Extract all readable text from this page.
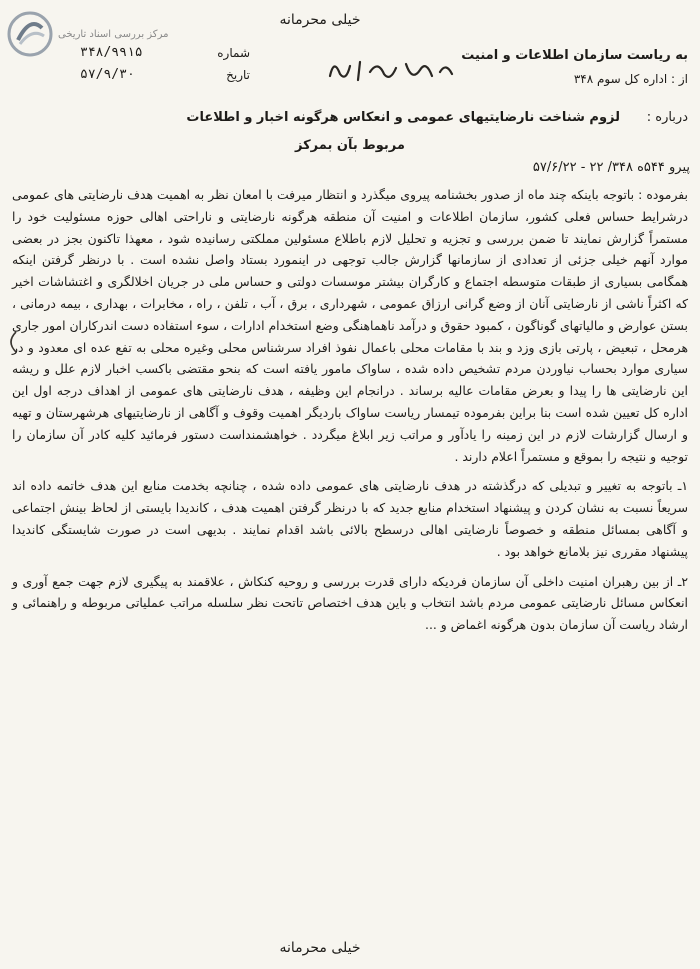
مرکز بررسی اسناد تاریخی
خیلی محرمانه
شماره
۳۴۸/۹۹۱۵
تاریخ
۵۷/۹/۳۰
به ریاست سازمان اطلاعات و امنیت
از : اداره کل سوم ۳۴۸
درباره :
لزوم شناخت نارضایتیهای عمومی و انعکاس هرگونه اخبار و اطلاعات
مربوط بآن بمرکز
پیرو ۵۴۴ه ۳۴۸/ ۲۲ - ۵۷/۶/۲۲

بفرموده : باتوجه باینکه چند ماه از صدور بخشنامه پیروی میگذرد و انتظار میرفت با امعان نظر به اهمیت هدف نارضایتی های عمومی درشرایط حساس فعلی کشور، سازمان اطلاعات و امنیت آن منطقه هرگونه نارضایتی و ناراحتی اهالی حوزه مسئولیت خود را مستمراً گزارش نمایند تا ضمن بررسی و تجزیه و تحلیل لازم باطلاع مسئولین مملکتی رسانیده شود ، معهذا تاکنون بجز در بعضی موارد آنهم خیلی جزئی از تعدادی از سازمانها گزارش جالب توجهی در اینمورد بستاد واصل نشده است . با درنظر گرفتن اینکه همگامی بسیاری از طبقات متوسطه اجتماع و کارگران بیشتر موسسات دولتی و حساس ملی در جریان اخلالگری و اغتشاشات اخیر که اکثراً ناشی از نارضایتی آنان از وضع گرانی ارزاق عمومی ، شهرداری ، برق ، آب ، تلفن ، راه ، مخابرات ، بهداری ، بیمه درمانی ، بستن عوارض و مالیاتهای گوناگون ، کمبود حقوق و درآمد ناهماهنگی وضع استخدام ادارات ، سوء استفاده دست اندرکاران امور جاری هرمحل ، تبعیض ، پارتی بازی وزد و بند با مقامات محلی باعمال نفوذ افراد سرشناس محلی وغیره محلی به تفع عده ای معدود و در سیاری موارد بحساب نیاوردن مردم تشخیص داده شده ، ساواک مامور یافته است که بنحو مقتضی باکسب اخبار لازم علل و ریشه این نارضایتی ها را پیدا و بعرض مقامات عالیه برساند . درانجام این وظیفه ، هدف نارضایتی های عمومی از اهداف درجه اول این اداره کل تعیین شده است بنا براین بفرموده تیمسار ریاست ساواک باردیگر اهمیت وقوف و آگاهی از نارضایتیهای هرشهرستان و تهیه و ارسال گزارشات لازم در این زمینه را یادآور و مراتب زیر ابلاغ میگردد . خواهشمنداست دستور فرمائید کلیه کادر آن سازمان را توجیه و نتیجه را بموقع و مستمراً اعلام دارند .

۱ـ باتوجه به تغییر و تبدیلی که درگذشته در هدف نارضایتی های عمومی داده شده ، چنانچه بخدمت منابع این هدف خاتمه داده اند سریعاً نسبت به نشان کردن و پیشنهاد استخدام منابع جدید که با درنظر گرفتن اهمیت هدف ، کاندیدا بایستی از لحاظ بینش اجتماعی و آگاهی بمسائل منطقه و خصوصاً نارضایتی اهالی درسطح بالائی باشد اقدام نمایند . بدیهی است در صورت شایستگی کاندیدا پیشنهاد مقرری نیز بلامانع خواهد بود .

۲ـ از بین رهبران امنیت داخلی آن سازمان فردیکه دارای قدرت بررسی و روحیه کنکاش ، علاقمند به پیگیری لازم جهت جمع آوری و انعکاس مسائل نارضایتی عمومی مردم باشد انتخاب و باین هدف اختصاص تاتحت نظر سلسله مراتب عملیاتی مربوطه و راهنمائی و ارشاد ریاست آن سازمان بدون هرگونه اغماض و ...

خیلی محرمانه
